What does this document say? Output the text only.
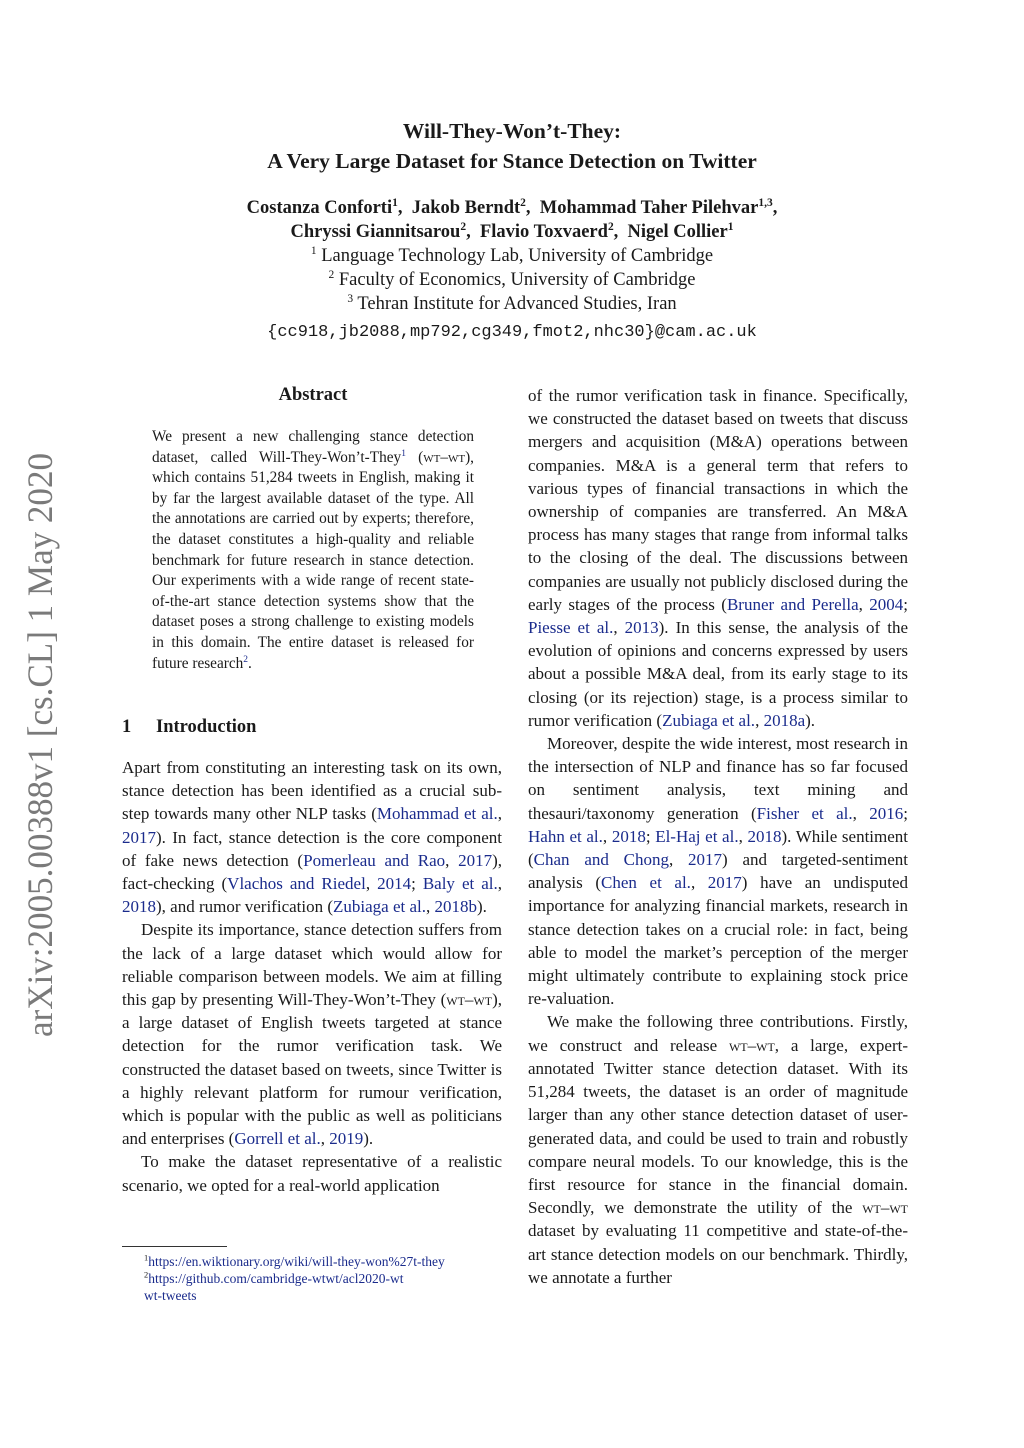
arXiv:2005.00388v1 [cs.CL] 1 May 2020
Will-They-Won’t-They:
A Very Large Dataset for Stance Detection on Twitter
Costanza Conforti$^1$,  Jakob Berndt$^2$,  Mohammad Taher Pilehvar$^{1,3}$,
Chryssi Giannitsarou$^2$,  Flavio Toxvaerd$^2$,  Nigel Collier$^1$
$^1$ Language Technology Lab, University of Cambridge
$^2$ Faculty of Economics, University of Cambridge
$^3$ Tehran Institute for Advanced Studies, Iran
{cc918,jb2088,mp792,cg349,fmot2,nhc30}@cam.ac.uk
Abstract

We present a new challenging stance detection dataset, called Will-They-Won’t-They$^1$ (wt–wt), which contains 51,284 tweets in English, making it by far the largest available dataset of the type. All the annotations are carried out by experts; therefore, the dataset constitutes a high-quality and reliable benchmark for future research in stance detection. Our experiments with a wide range of recent state-of-the-art stance detection systems show that the dataset poses a strong challenge to existing models in this domain. The entire dataset is released for future research$^2$.

1 Introduction

Apart from constituting an interesting task on its own, stance detection has been identified as a crucial sub-step towards many other NLP tasks (Mohammad et al., 2017). In fact, stance detection is the core component of fake news detection (Pomerleau and Rao, 2017), fact-checking (Vlachos and Riedel, 2014; Baly et al., 2018), and rumor verification (Zubiaga et al., 2018b).

Despite its importance, stance detection suffers from the lack of a large dataset which would allow for reliable comparison between models. We aim at filling this gap by presenting Will-They-Won’t-They (wt–wt), a large dataset of English tweets targeted at stance detection for the rumor verification task. We constructed the dataset based on tweets, since Twitter is a highly relevant platform for rumour verification, which is popular with the public as well as politicians and enterprises (Gorrell et al., 2019).

To make the dataset representative of a realistic scenario, we opted for a real-world application

of the rumor verification task in finance. Specifically, we constructed the dataset based on tweets that discuss mergers and acquisition (M&A) operations between companies. M&A is a general term that refers to various types of financial transactions in which the ownership of companies are transferred. An M&A process has many stages that range from informal talks to the closing of the deal. The discussions between companies are usually not publicly disclosed during the early stages of the process (Bruner and Perella, 2004; Piesse et al., 2013). In this sense, the analysis of the evolution of opinions and concerns expressed by users about a possible M&A deal, from its early stage to its closing (or its rejection) stage, is a process similar to rumor verification (Zubiaga et al., 2018a).

Moreover, despite the wide interest, most research in the intersection of NLP and finance has so far focused on sentiment analysis, text mining and thesauri/taxonomy generation (Fisher et al., 2016; Hahn et al., 2018; El-Haj et al., 2018). While sentiment (Chan and Chong, 2017) and targeted-sentiment analysis (Chen et al., 2017) have an undisputed importance for analyzing financial markets, research in stance detection takes on a crucial role: in fact, being able to model the market’s perception of the merger might ultimately contribute to explaining stock price re-valuation.

We make the following three contributions. Firstly, we construct and release wt–wt, a large, expert-annotated Twitter stance detection dataset. With its 51,284 tweets, the dataset is an order of magnitude larger than any other stance detection dataset of user-generated data, and could be used to train and robustly compare neural models. To our knowledge, this is the first resource for stance in the financial domain. Secondly, we demonstrate the utility of the wt–wt dataset by evaluating 11 competitive and state-of-the-art stance detection models on our benchmark. Thirdly, we annotate a further

$^1$https://en.wiktionary.org/wiki/will-they-won%27t-they
$^2$https://github.com/cambridge-wtwt/acl2020-wtwt-tweets
